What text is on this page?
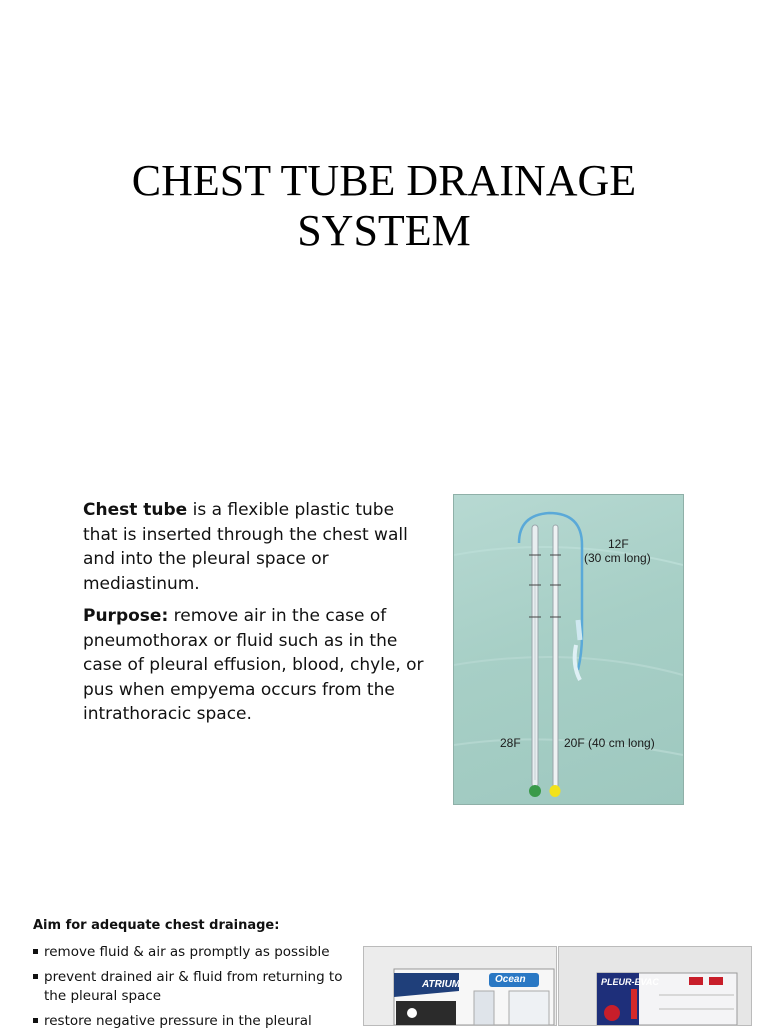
CHEST TUBE DRAINAGE
SYSTEM

Chest tube is a flexible plastic tube that is inserted through the chest wall and into the pleural space or mediastinum.

Purpose: remove air in the case of pneumothorax or fluid such as in the case of pleural effusion, blood, chyle, or pus when empyema occurs from the intrathoracic space.

12F
(30 cm long)
28F	20F (40 cm long)
Aim for adequate chest drainage:
remove fluid & air as promptly as possible
prevent drained air & fluid from returning to the pleural space
restore negative pressure in the pleural
ATRIUM	Ocean	PLEUR-EVAC
